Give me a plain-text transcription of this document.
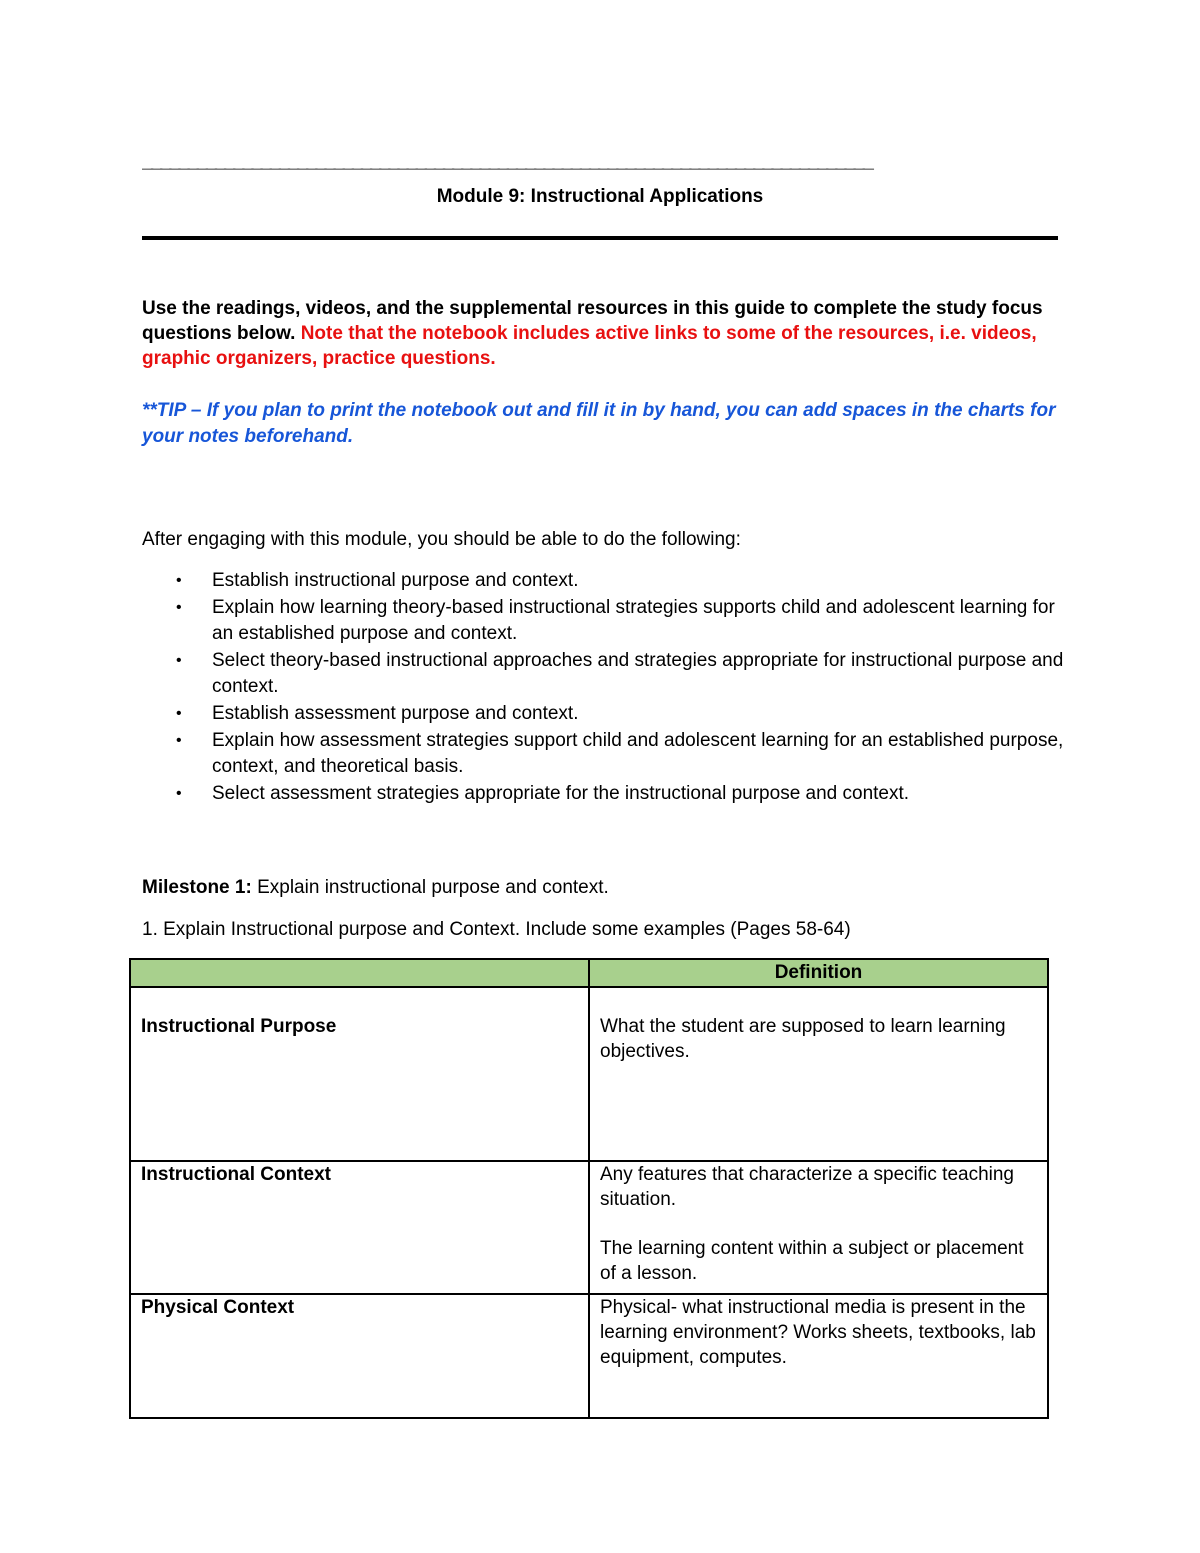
________________________________________________________________________________
Module 9: Instructional Applications
Use the readings, videos, and the supplemental resources in this guide to complete the study focus questions below. Note that the notebook includes active links to some of the resources, i.e. videos, graphic organizers, practice questions.
**TIP – If you plan to print the notebook out and fill it in by hand, you can add spaces in the charts for your notes beforehand.
After engaging with this module, you should be able to do the following:
• Establish instructional purpose and context.
• Explain how learning theory-based instructional strategies supports child and adolescent learning for an established purpose and context.
• Select theory-based instructional approaches and strategies appropriate for instructional purpose and context.
• Establish assessment purpose and context.
• Explain how assessment strategies support child and adolescent learning for an established purpose, context, and theoretical basis.
• Select assessment strategies appropriate for the instructional purpose and context.
Milestone 1: Explain instructional purpose and context.
1. Explain Instructional purpose and Context. Include some examples (Pages 58-64)
	Definition
Instructional Purpose	What the student are supposed to learn learning objectives.

Instructional Context	Any features that characterize a specific teaching situation.

The learning content within a subject or placement of a lesson.

Physical Context	Physical- what instructional media is present in the learning environment? Works sheets, textbooks, lab equipment, computes.
